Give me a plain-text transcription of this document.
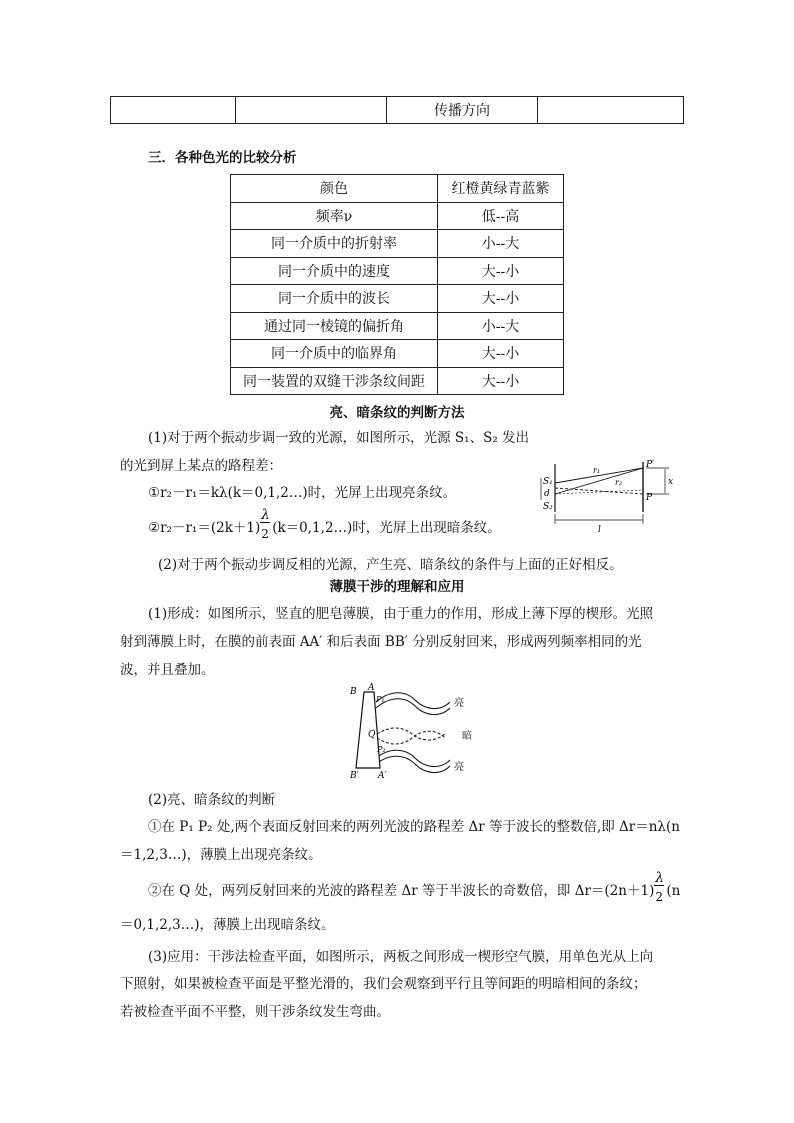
		传播方向	
三．各种色光的比较分析
颜色	红橙黄绿青蓝紫
频率ν	低--高
同一介质中的折射率	小--大
同一介质中的速度	大--小
同一介质中的波长	大--小
通过同一棱镜的偏折角	小--大
同一介质中的临界角	大--小
同一装置的双缝干涉条纹间距	大--小
亮、暗条纹的判断方法
(1)对于两个振动步调一致的光源，如图所示，光源 S₁、S₂ 发出
的光到屏上某点的路程差：
①r₂－r₁＝kλ(k＝0,1,2…)时，光屏上出现亮条纹。
②r₂－r₁＝(2k＋1) $\frac{\lambda}{2}$ (k＝0,1,2…)时，光屏上出现暗条纹。
S₁
S₂
d
r₁
r₂
P′
P
x
l
(2)对于两个振动步调反相的光源，产生亮、暗条纹的条件与上面的正好相反。
薄膜干涉的理解和应用
(1)形成：如图所示，竖直的肥皂薄膜，由于重力的作用，形成上薄下厚的楔形。光照
射到薄膜上时，在膜的前表面 AA′ 和后表面 BB′ 分别反射回来，形成两列频率相同的光
波，并且叠加。
B A
P₁
Q
P₂
B′ A′
亮
暗
亮
(2)亮、暗条纹的判断
①在 P₁ P₂ 处,两个表面反射回来的两列光波的路程差 Δr 等于波长的整数倍,即 Δr＝nλ(n
＝1,2,3…)，薄膜上出现亮条纹。
②在 Q 处，两列反射回来的光波的路程差 Δr 等于半波长的奇数倍，即 $\Delta r=(2n+1) \frac{\lambda}{2} (n$
＝0,1,2,3…)，薄膜上出现暗条纹。
(3)应用：干涉法检查平面，如图所示，两板之间形成一楔形空气膜，用单色光从上向
下照射，如果被检查平面是平整光滑的，我们会观察到平行且等间距的明暗相间的条纹；
若被检查平面不平整，则干涉条纹发生弯曲。
